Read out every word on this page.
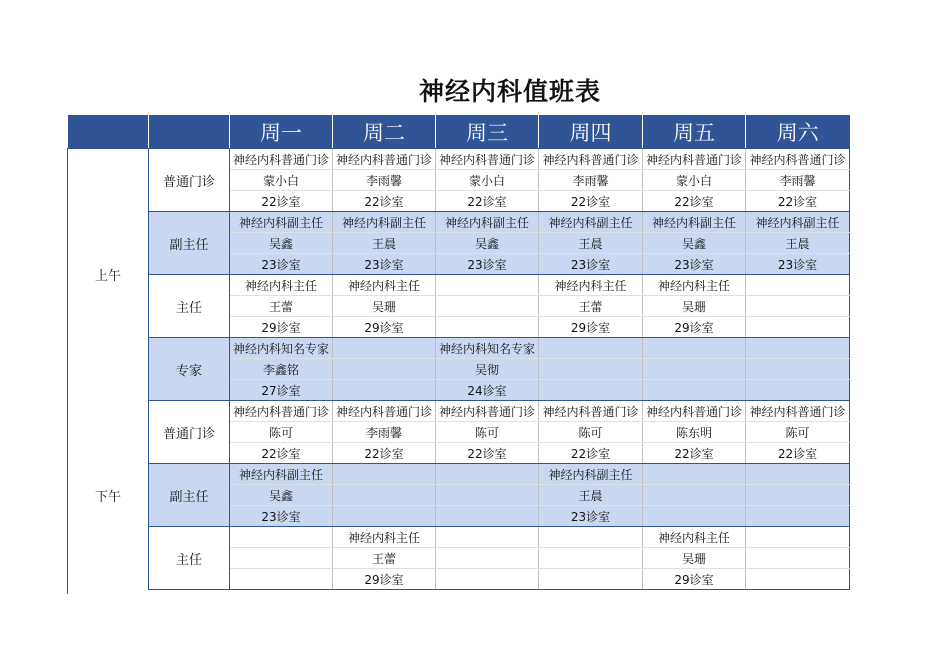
神经内科值班表
		周一	周二	周三	周四	周五	周六
上午	普通门诊	神经内科普通门诊	神经内科普通门诊	神经内科普通门诊	神经内科普通门诊	神经内科普通门诊	神经内科普通门诊
		蒙小白	李雨馨	蒙小白	李雨馨	蒙小白	李雨馨
		22诊室	22诊室	22诊室	22诊室	22诊室	22诊室
	副主任	神经内科副主任	神经内科副主任	神经内科副主任	神经内科副主任	神经内科副主任	神经内科副主任
		吴鑫	王晨	吴鑫	王晨	吴鑫	王晨
		23诊室	23诊室	23诊室	23诊室	23诊室	23诊室
	主任	神经内科主任	神经内科主任		神经内科主任	神经内科主任	
		王蕾	吴珊		王蕾	吴珊	
		29诊室	29诊室		29诊室	29诊室	
	专家	神经内科知名专家		神经内科知名专家			
		李鑫铭		吴彻			
		27诊室		24诊室			
下午	普通门诊	神经内科普通门诊	神经内科普通门诊	神经内科普通门诊	神经内科普通门诊	神经内科普通门诊	神经内科普通门诊
		陈可	李雨馨	陈可	陈可	陈东明	陈可
		22诊室	22诊室	22诊室	22诊室	22诊室	22诊室
	副主任	神经内科副主任			神经内科副主任		
		吴鑫			王晨		
		23诊室			23诊室		
	主任		神经内科主任			神经内科主任	
			王蕾			吴珊	
			29诊室			29诊室	
